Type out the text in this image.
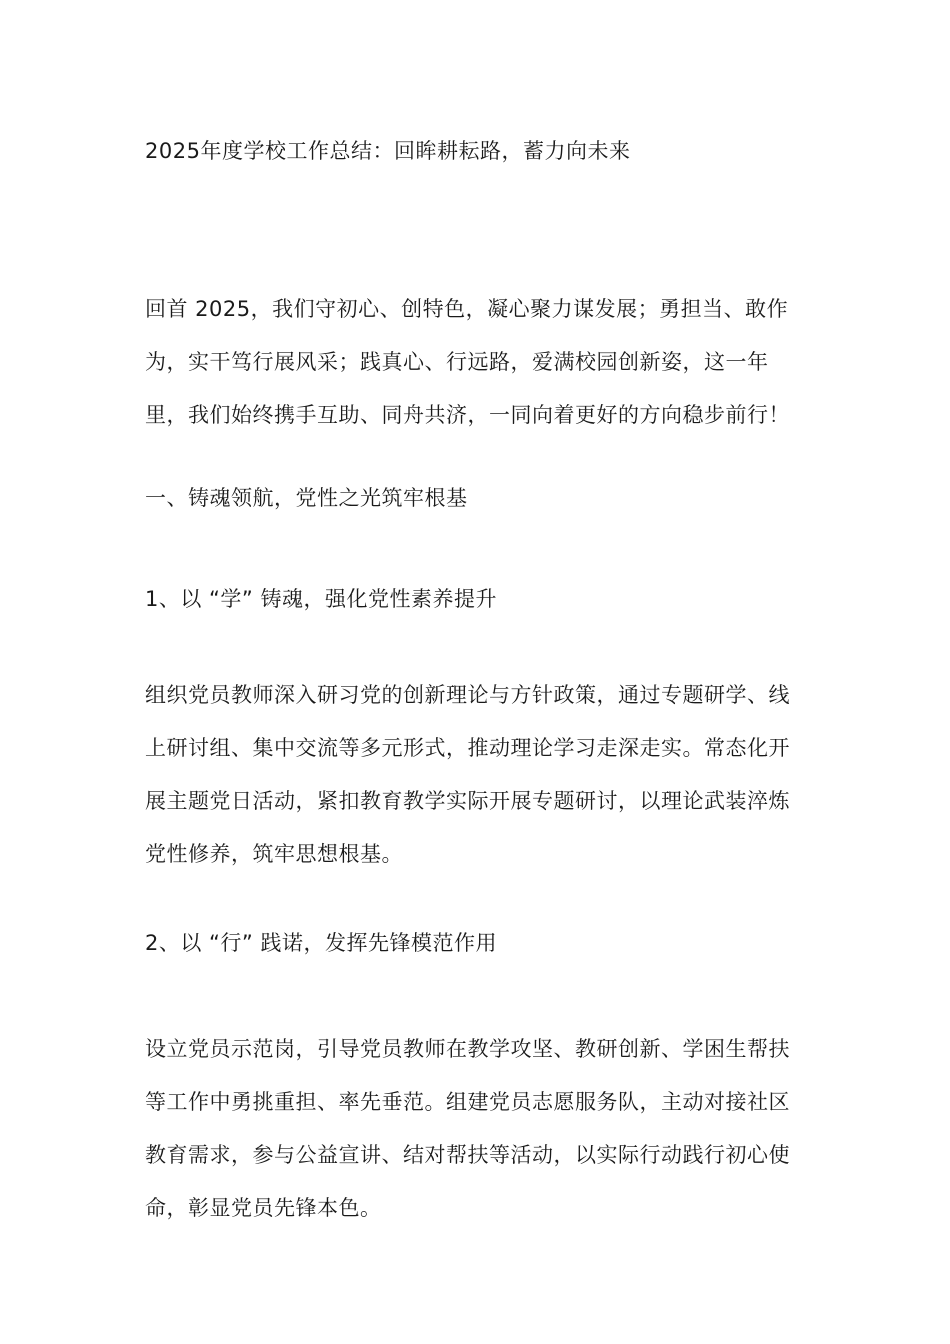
2025年度学校工作总结：回眸耕耘路，蓄力向未来

回首 2025，我们守初心、创特色，凝心聚力谋发展；勇担当、敢作为，实干笃行展风采；践真心、行远路，爱满校园创新姿，这一年里，我们始终携手互助、同舟共济，一同向着更好的方向稳步前行！

一、铸魂领航，党性之光筑牢根基

1、以 “学” 铸魂，强化党性素养提升

组织党员教师深入研习党的创新理论与方针政策，通过专题研学、线上研讨组、集中交流等多元形式，推动理论学习走深走实。常态化开展主题党日活动，紧扣教育教学实际开展专题研讨，以理论武装淬炼党性修养，筑牢思想根基。

2、以 “行” 践诺，发挥先锋模范作用

设立党员示范岗，引导党员教师在教学攻坚、教研创新、学困生帮扶等工作中勇挑重担、率先垂范。组建党员志愿服务队，主动对接社区教育需求，参与公益宣讲、结对帮扶等活动，以实际行动践行初心使命，彰显党员先锋本色。
